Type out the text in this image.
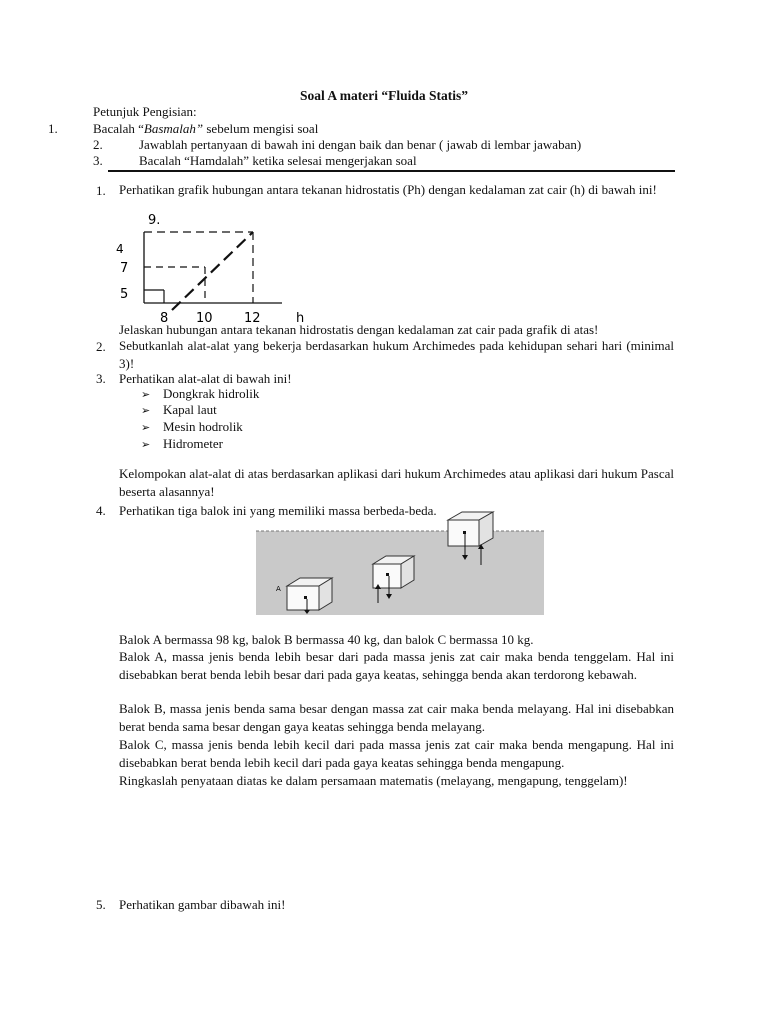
Soal A materi “Fluida Statis”
Petunjuk Pengisian:
1.	Bacalah “Basmalah” sebelum mengisi soal
2.	Jawablah pertanyaan di bawah ini dengan baik dan benar ( jawab di lembar jawaban)
3.	Bacalah “Hamdalah” ketika selesai mengerjakan soal
1. Perhatikan grafik hubungan antara tekanan hidrostatis (Ph) dengan kedalaman zat cair (h) di bawah ini!
9.
4
7
5
8 10 12	h
Jelaskan hubungan antara tekanan hidrostatis dengan kedalaman zat cair pada grafik di atas!
2. Sebutkanlah alat-alat yang bekerja berdasarkan hukum Archimedes pada kehidupan sehari hari (minimal 3)!
3. Perhatikan alat-alat di bawah ini!
➢ Dongkrak hidrolik
➢ Kapal laut
➢ Mesin hodrolik
➢ Hidrometer
Kelompokan alat-alat di atas berdasarkan aplikasi dari hukum Archimedes atau aplikasi dari hukum Pascal beserta alasannya!
4. Perhatikan tiga balok ini yang memiliki massa berbeda-beda.
A
Balok A bermassa 98 kg, balok B bermassa 40 kg, dan balok C bermassa 10 kg.
Balok A, massa jenis benda lebih besar dari pada massa jenis zat cair maka benda tenggelam. Hal ini disebabkan berat benda lebih besar dari pada gaya keatas, sehingga benda akan terdorong kebawah.
Balok B, massa jenis benda sama besar dengan massa zat cair maka benda melayang. Hal ini disebabkan berat benda sama besar dengan gaya keatas sehingga benda melayang.
Balok C, massa jenis benda lebih kecil dari pada massa jenis zat cair maka benda mengapung. Hal ini disebabkan berat benda lebih kecil dari pada gaya keatas sehingga benda mengapung.
Ringkaslah penyataan diatas ke dalam persamaan matematis (melayang, mengapung, tenggelam)!
5. Perhatikan gambar dibawah ini!
